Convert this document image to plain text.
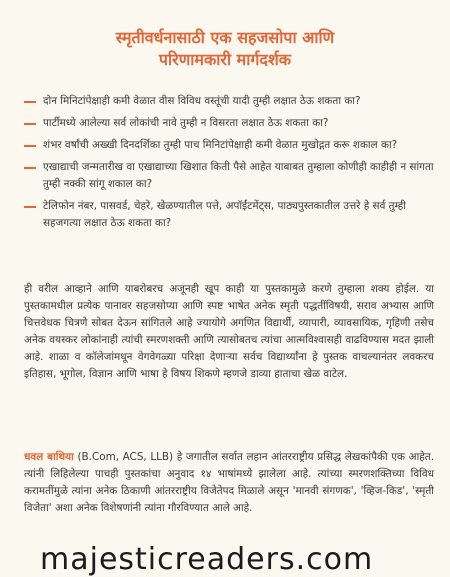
स्मृतीवर्धनासाठी एक सहजसोपा आणि
परिणामकारी मार्गदर्शक
दोन मिनिटांपेक्षाही कमी वेळात वीस विविध वस्तूंची यादी तुम्ही लक्षात ठेऊ शकता का?
पार्टीमध्ये आलेल्या सर्व लोकांची नावे तुम्ही न विसरता लक्षात ठेऊ शकता का?
शंभर वर्षांची अख्खी दिनदर्शिका तुम्ही पाच मिनिटांपेक्षाही कमी वेळात मुखोद्गत करू शकाल का?
एखाद्याची जन्मतारीख वा एखाद्याच्या खिशात किती पैसे आहेत याबाबत तुम्हाला कोणीही काहीही न सांगता तुम्ही नक्की सांगू शकाल का?
टेलिफोन नंबर, पासवर्ड, चेहरे, खेळण्यातील पत्ते, अपॉईंटमेंट्स, पाठ्यपुस्तकातील उत्तरे हे सर्व तुम्ही सहजगत्या लक्षात ठेऊ शकता का?
ही वरील आव्हाने आणि याबरोबरच अजूनही खूप काही या पुस्तकामुळे करणे तुम्हाला शक्य होईल. या पुस्तकामधील प्रत्येक पानावर सहजसोप्या आणि स्पष्ट भाषेत अनेक स्मृती पद्धतींविषयी, सराव अभ्यास आणि चित्तवेधक चित्रणे सोबत देऊन सांगितले आहे ज्यायोगे अगणित विद्यार्थी, व्यापारी, व्यावसायिक, गृहिणी तसेच अनेक वयस्कर लोकांनाही त्यांची स्मरणशक्ती आणि त्यासोबतच त्यांचा आत्मविश्वासही वाढविण्यास मदत झाली आहे. शाळा व कॉलेजांमधून वेगवेगळ्या परिक्षा देणाऱ्या सर्वच विद्यार्थ्यांना हे पुस्तक वाचल्यानंतर लवकरच इतिहास, भूगोल, विज्ञान आणि भाषा हे विषय शिकणे म्हणजे डाव्या हाताचा खेळ वाटेल.
धवल बाथिया (B.Com, ACS, LLB) हे जगातील सर्वात लहान आंतरराष्ट्रीय प्रसिद्ध लेखकांपैकी एक आहेत. त्यांनी लिहिलेल्या पाचही पुस्तकांचा अनुवाद १४ भाषांमध्ये झालेला आहे. त्यांच्या स्मरणशक्तिच्या विविध करामतींमुळे त्यांना अनेक ठिकाणी आंतरराष्ट्रीय विजेतेपद मिळाले असून 'मानवी संगणक', 'व्हिज-किड', 'स्मृती विजेता' अशा अनेक विशेषणांनी त्यांना गौरविण्यात आले आहे.
majesticreaders.com
